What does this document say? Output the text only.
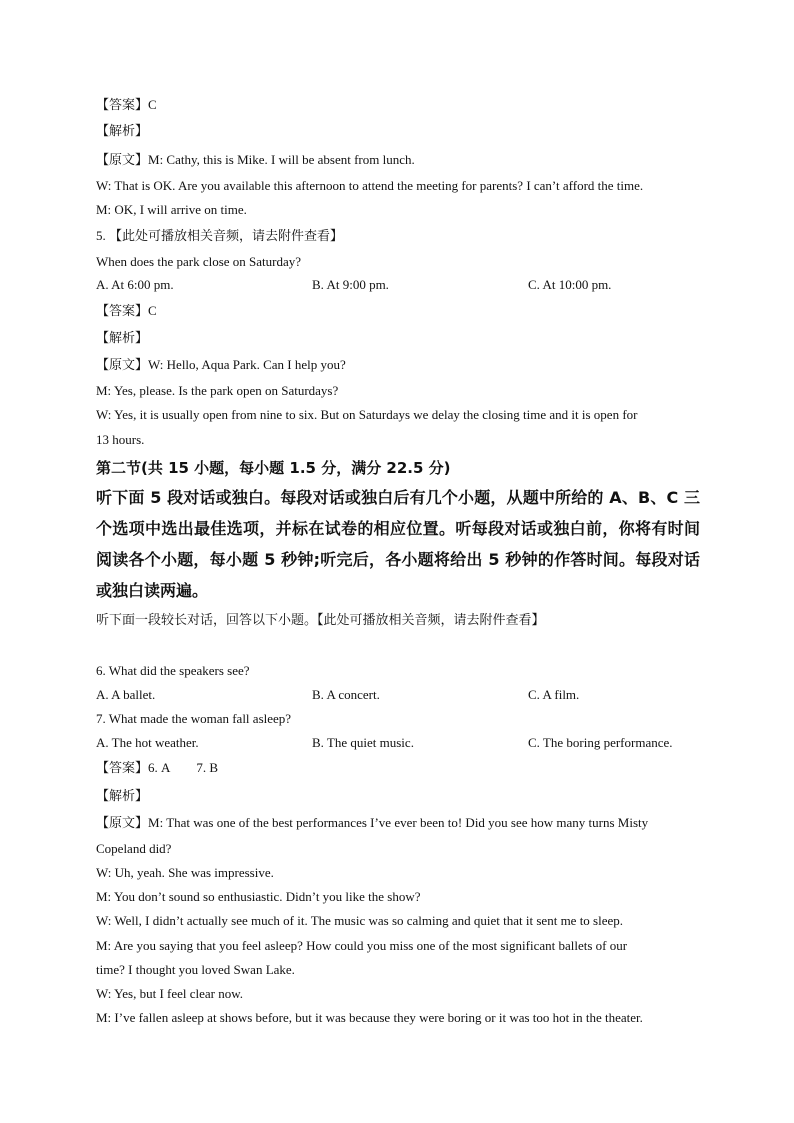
【答案】C
【解析】
【原文】M: Cathy, this is Mike. I will be absent from lunch.
W: That is OK. Are you available this afternoon to attend the meeting for parents? I can’t afford the time.
M: OK, I will arrive on time.
5. 【此处可播放相关音频，请去附件查看】
When does the park close on Saturday?
A. At 6:00 pm.	B. At 9:00 pm.	C. At 10:00 pm.
【答案】C
【解析】
【原文】W: Hello, Aqua Park. Can I help you?
M: Yes, please. Is the park open on Saturdays?
W: Yes, it is usually open from nine to six. But on Saturdays we delay the closing time and it is open for
13 hours.
第二节(共 15 小题，每小题 1.5 分，满分 22.5 分)
听下面 5 段对话或独白。每段对话或独白后有几个小题，从题中所给的 A、B、C 三个选项中选出最佳选项，并标在试卷的相应位置。听每段对话或独白前，你将有时间阅读各个小题，每小题 5 秒钟;听完后，各小题将给出 5 秒钟的作答时间。每段对话或独白读两遍。
听下面一段较长对话，回答以下小题。【此处可播放相关音频，请去附件查看】
6. What did the speakers see?
A. A ballet.	B. A concert.	C. A film.
7. What made the woman fall asleep?
A. The hot weather.	B. The quiet music.	C. The boring performance.
【答案】6. A 7. B
【解析】
【原文】M: That was one of the best performances I’ve ever been to! Did you see how many turns Misty
Copeland did?
W: Uh, yeah. She was impressive.
M: You don’t sound so enthusiastic. Didn’t you like the show?
W: Well, I didn’t actually see much of it. The music was so calming and quiet that it sent me to sleep.
M: Are you saying that you feel asleep? How could you miss one of the most significant ballets of our
time? I thought you loved Swan Lake.
W: Yes, but I feel clear now.
M: I’ve fallen asleep at shows before, but it was because they were boring or it was too hot in the theater.
